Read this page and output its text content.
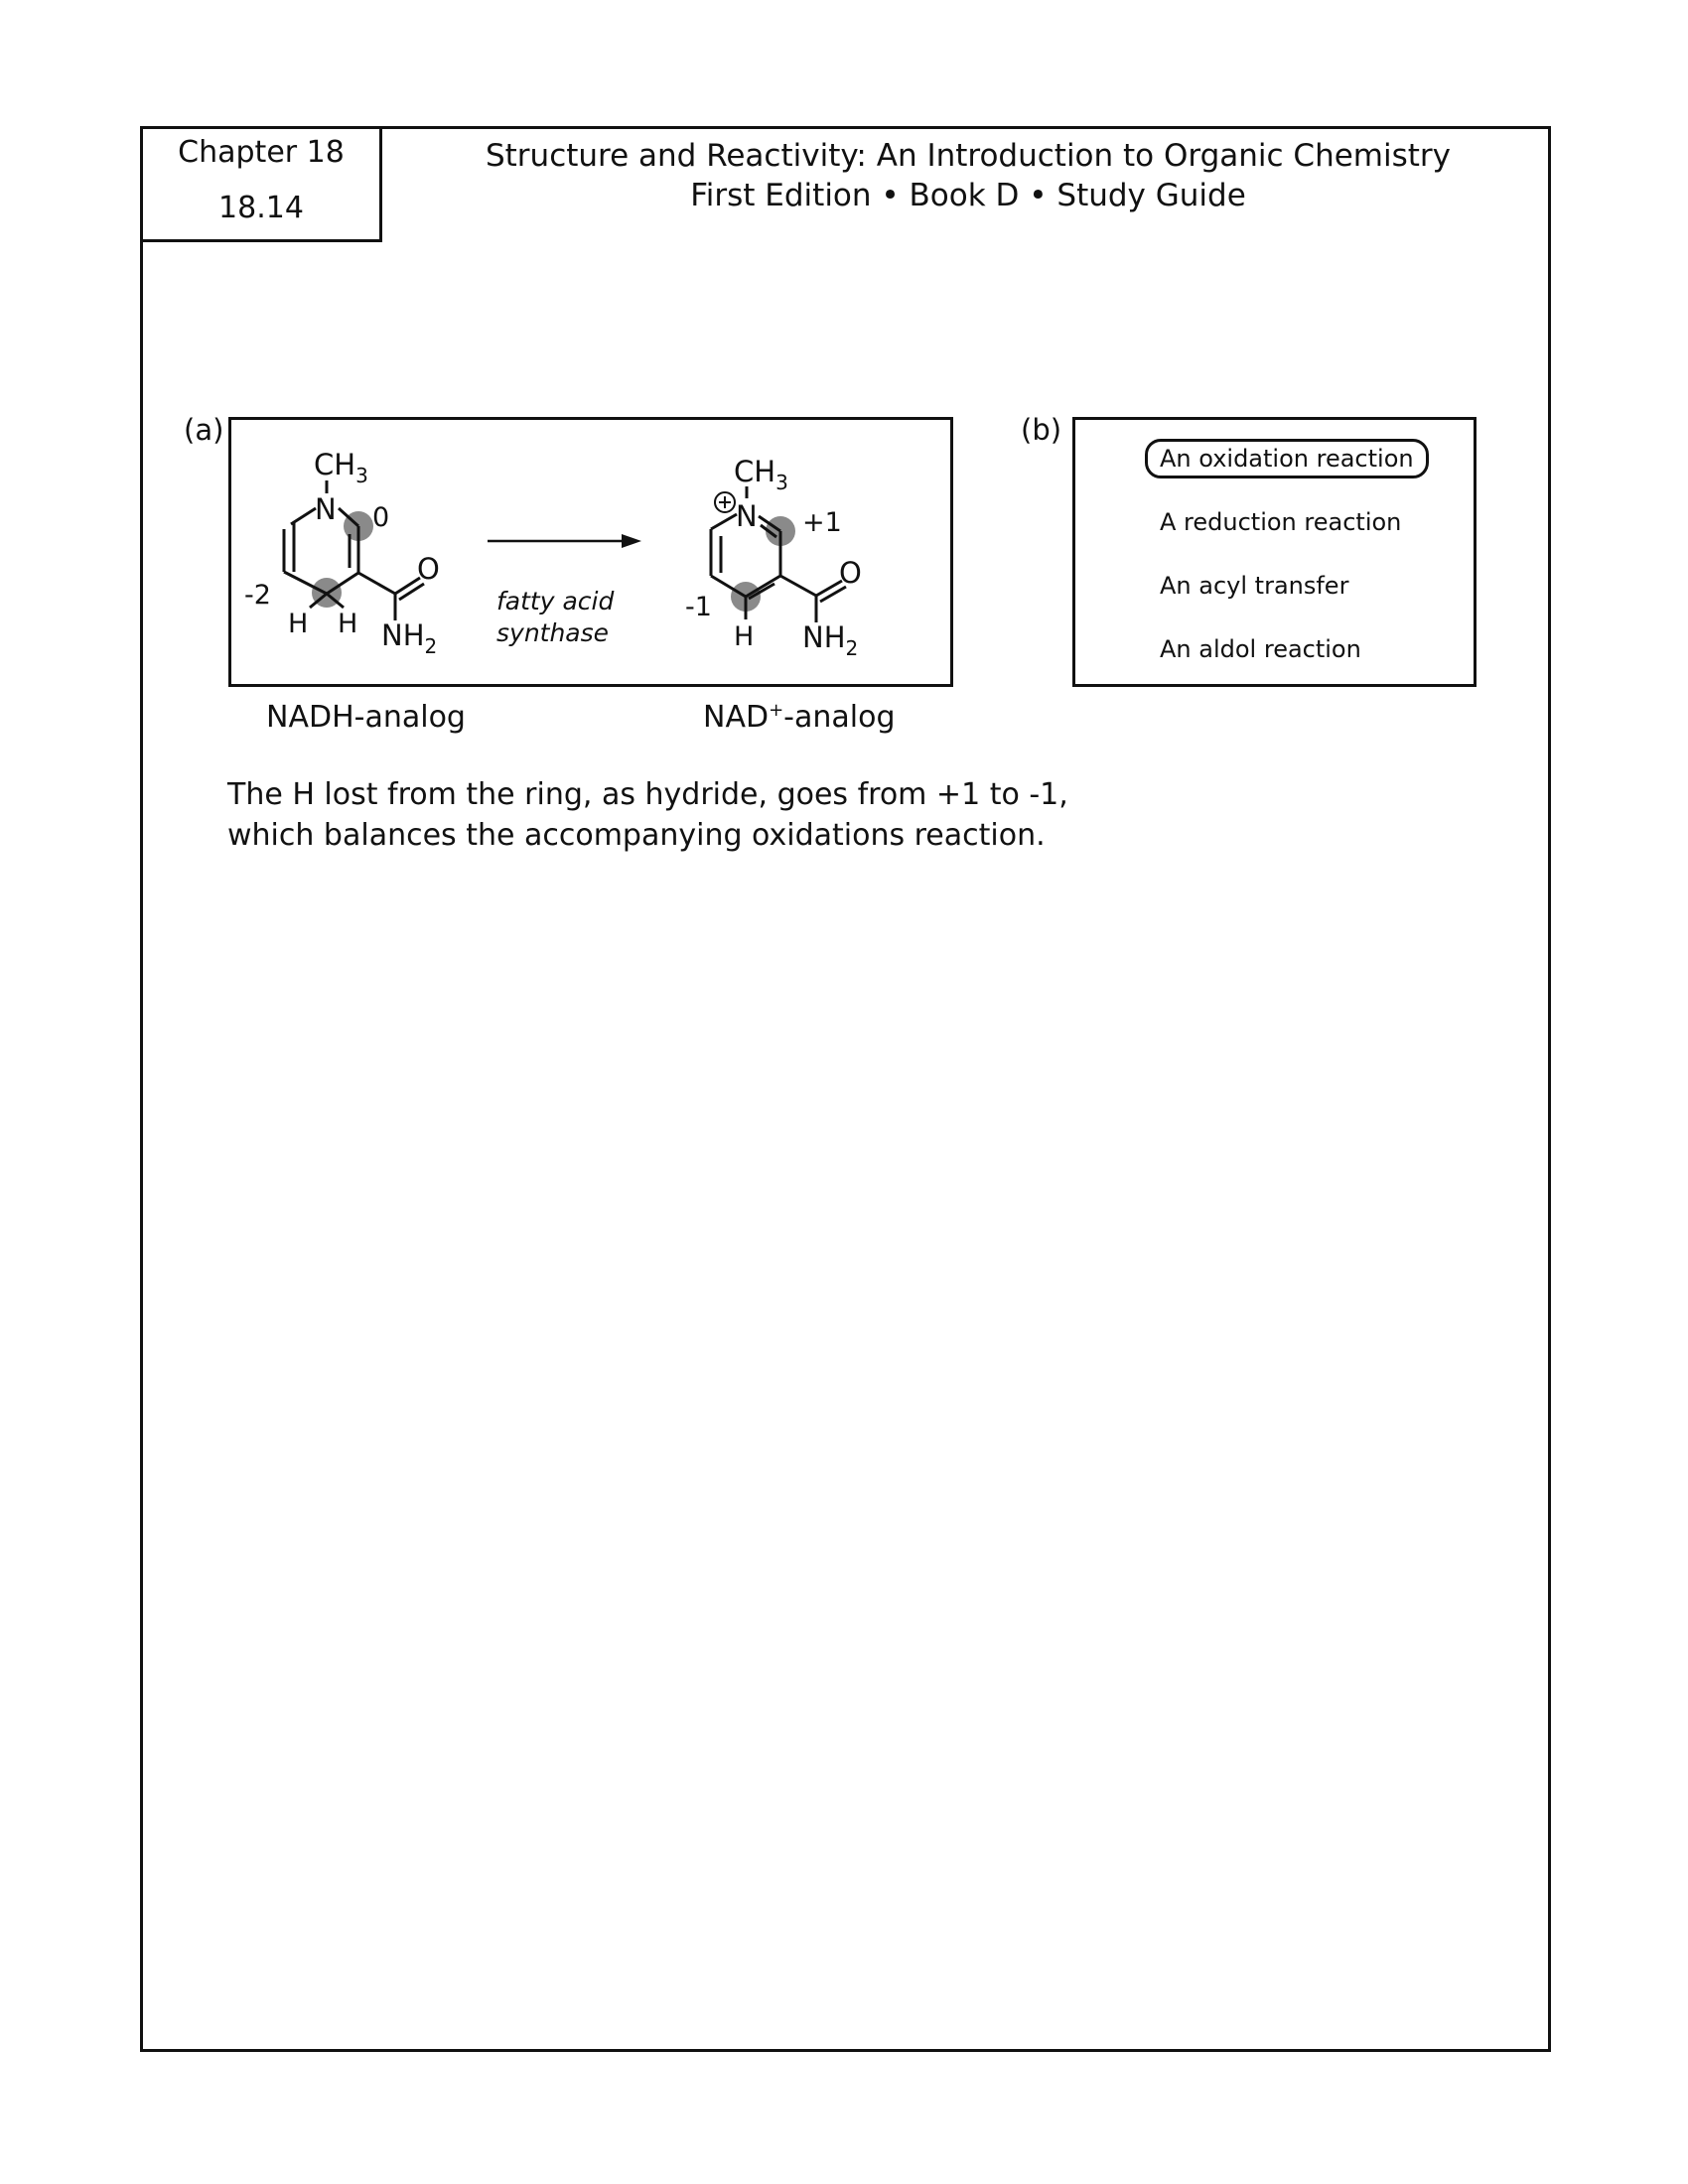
Chapter 18
18.14
Structure and Reactivity: An Introduction to Organic Chemistry
First Edition • Book D • Study Guide
(a)	(b)
$CH_3$
N 0
-2
H H
O
$NH_2$
fatty acid
synthase
$CH_3$
N +1
-1
H
O
$NH_2$
NADH-analog	NAD+-analog
An oxidation reaction
A reduction reaction
An acyl transfer
An aldol reaction
The H lost from the ring, as hydride, goes from +1 to -1,
which balances the accompanying oxidations reaction.
